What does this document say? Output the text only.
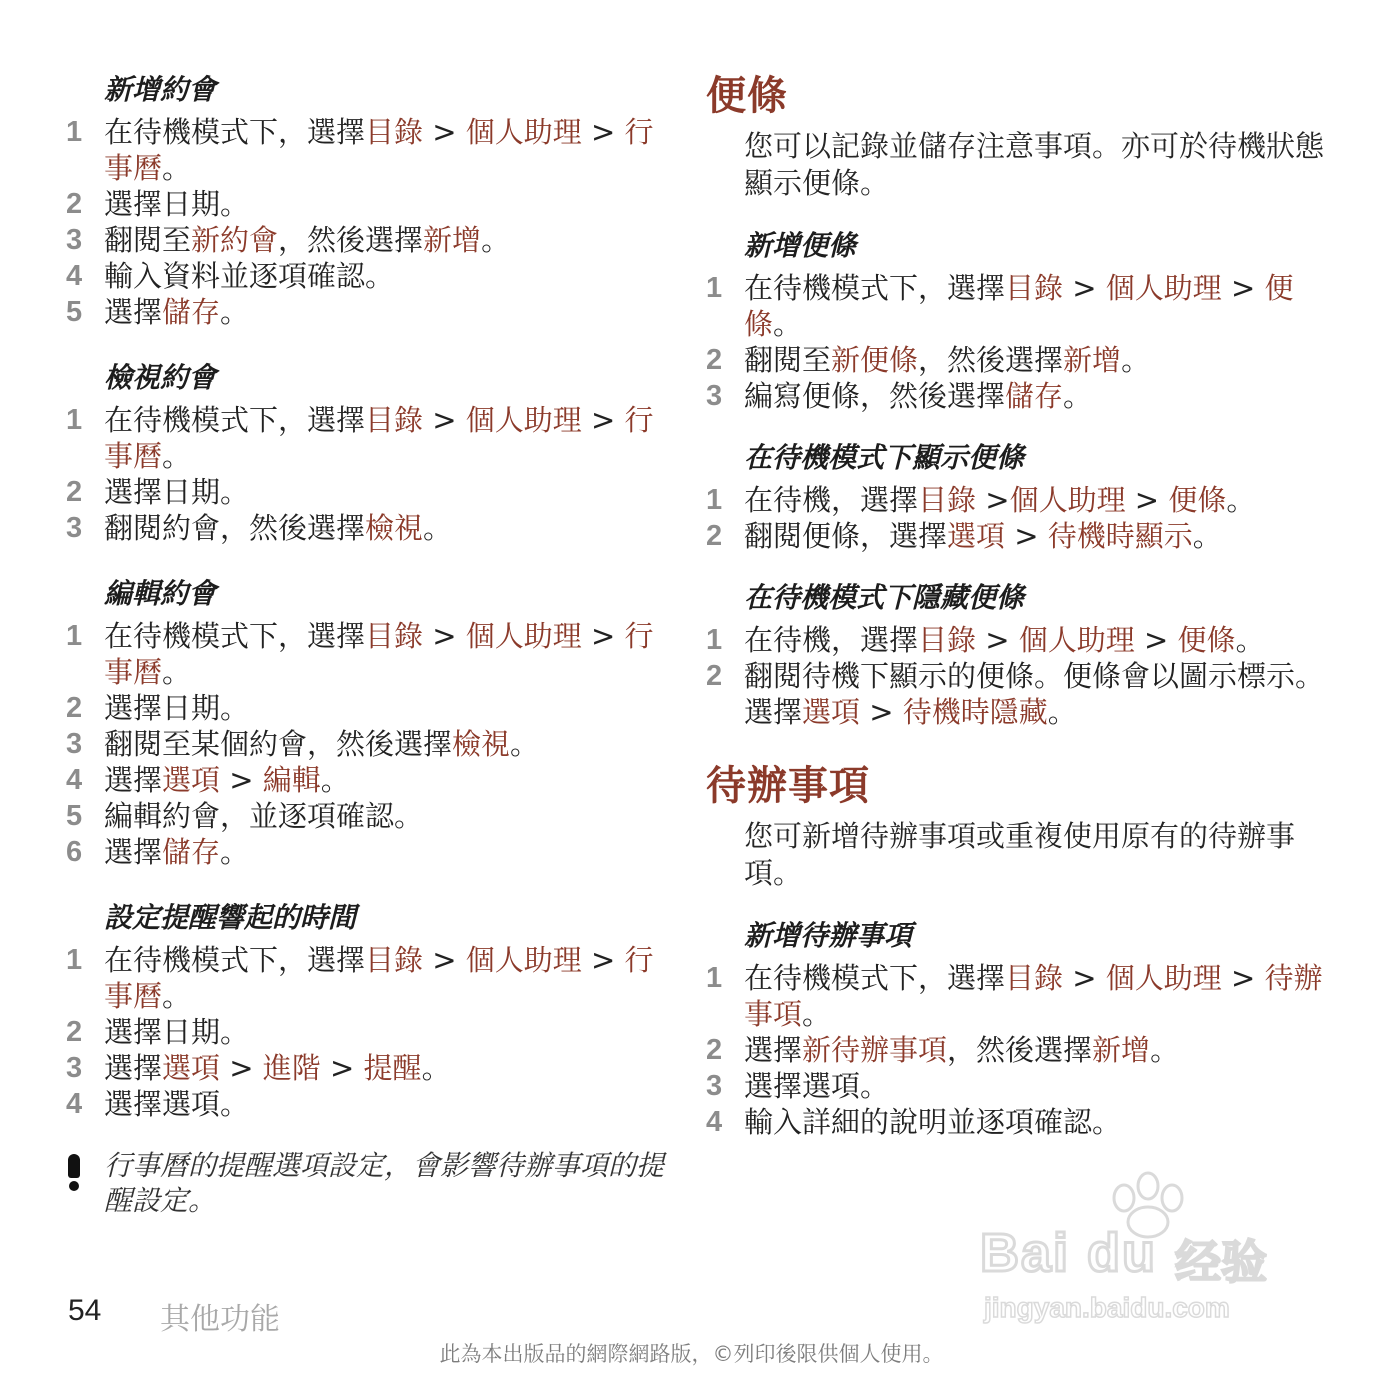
新增約會
1 在待機模式下，選擇目錄 > 個人助理 > 行事曆。
2 選擇日期。
3 翻閱至新約會，然後選擇新增。
4 輸入資料並逐項確認。
5 選擇儲存。
檢視約會
1 在待機模式下，選擇目錄 > 個人助理 > 行事曆。
2 選擇日期。
3 翻閱約會，然後選擇檢視。
編輯約會
1 在待機模式下，選擇目錄 > 個人助理 > 行事曆。
2 選擇日期。
3 翻閱至某個約會，然後選擇檢視。
4 選擇選項 > 編輯。
5 編輯約會，並逐項確認。
6 選擇儲存。
設定提醒響起的時間
1 在待機模式下，選擇目錄 > 個人助理 > 行事曆。
2 選擇日期。
3 選擇選項 > 進階 > 提醒。
4 選擇選項。
行事曆的提醒選項設定，會影響待辦事項的提醒設定。
便條

您可以記錄並儲存注意事項。亦可於待機狀態顯示便條。

新增便條
1 在待機模式下，選擇目錄 > 個人助理 > 便條。
2 翻閱至新便條，然後選擇新增。
3 編寫便條，然後選擇儲存。
在待機模式下顯示便條
1 在待機，選擇目錄 >個人助理 > 便條。
2 翻閱便條，選擇選項 > 待機時顯示。
在待機模式下隱藏便條
1 在待機，選擇目錄 > 個人助理 > 便條。
2 翻閱待機下顯示的便條。便條會以圖示標示。選擇選項 > 待機時隱藏。
待辦事項

您可新增待辦事項或重複使用原有的待辦事項。

新增待辦事項
1 在待機模式下，選擇目錄 > 個人助理 > 待辦事項。
2 選擇新待辦事項，然後選擇新增。
3 選擇選項。
4 輸入詳細的說明並逐項確認。
54 其他功能
此為本出版品的網際網路版，©列印後限供個人使用。
Bai du 经验
jingyan.baidu.com
